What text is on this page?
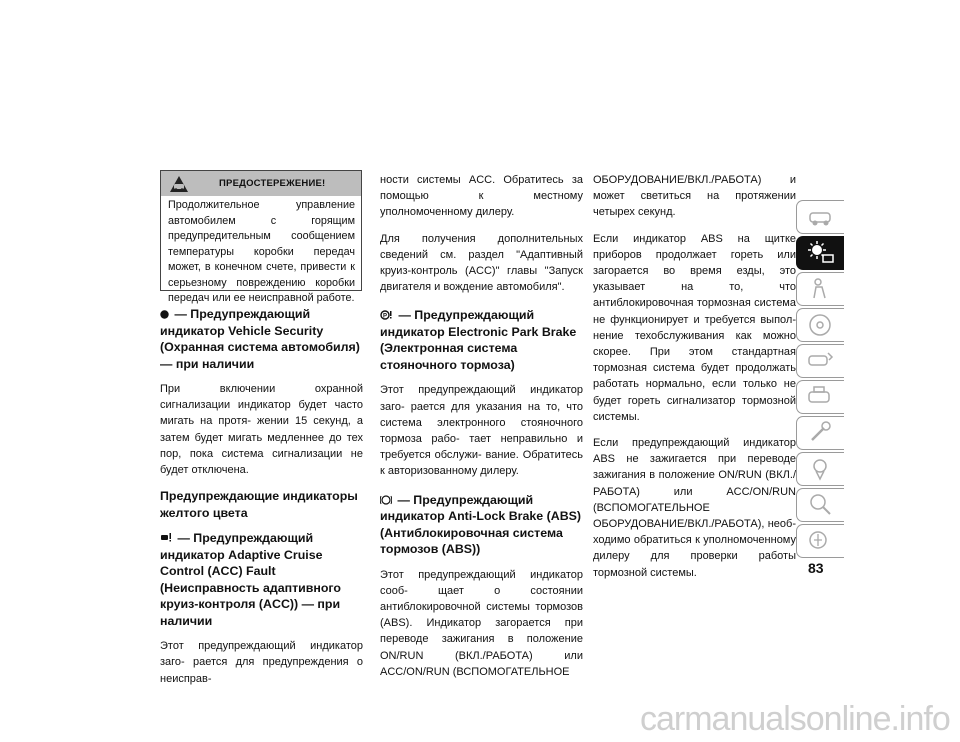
ПРЕДОСТЕРЕЖЕНИЕ!

Продолжительное управление автомобилем с горящим предупредительным сообщением температуры коробки передач может, в конечном счете, привести к серьезному повреждению коробки передач или ее неисправной работе.

— Предупреждающий индикатор Vehicle Security (Охранная система автомобиля) — при наличии

При включении охранной сигнализации индикатор будет часто мигать на протя- жении 15 секунд, а затем будет мигать медленнее до тех пор, пока система сигнализации не будет отключена.

Предупреждающие индикаторы желтого цвета
— Предупреждающий индикатор Adaptive Cruise Control (ACC) Fault (Неисправность адаптивного круиз-контроля (ACC)) — при наличии

Этот предупреждающий индикатор заго- рается для предупреждения о неисправ-

ности системы ACC. Обратитесь за помощью к местному уполномоченному дилеру.

Для получения дополнительных сведений см. раздел "Адаптивный круиз-контроль (ACC)" главы "Запуск двигателя и вождение автомобиля".

P — Предупреждающий индикатор Electronic Park Brake (Электронная система стояночного тормоза)

Этот предупреждающий индикатор заго- рается для указания на то, что система электронного стояночного тормоза рабо- тает неправильно и требуется обслужи- вание. Обратитесь к авторизованному дилеру.

— Предупреждающий индикатор Anti-Lock Brake (ABS) (Антиблокировочная система тормозов (ABS))

Этот предупреждающий индикатор сооб- щает о состоянии антиблокировочной системы тормозов (ABS). Индикатор загорается при переводе зажигания в положение ON/RUN (ВКЛ./РАБОТА) или ACC/ON/RUN (ВСПОМОГАТЕЛЬНОЕ

ОБОРУДОВАНИЕ/ВКЛ./РАБОТА) и может светиться на протяжении четырех секунд.

Если индикатор ABS на щитке приборов продолжает гореть или загорается во время езды, это указывает на то, что антиблокировочная тормозная система не функционирует и требуется выпол- нение техобслуживания как можно скорее. При этом стандартная тормозная система будет продолжать работать нормально, если только не будет гореть сигнализатор тормозной системы.

Если предупреждающий индикатор ABS не зажигается при переводе зажигания в положение ON/RUN (ВКЛ./РАБОТА) или ACC/ON/RUN (ВСПОМОГАТЕЛЬНОЕ ОБОРУДОВАНИЕ/ВКЛ./РАБОТА), необ- ходимо обратиться к уполномоченному дилеру для проверки работы тормозной системы.	83
carmanualsonline.info
